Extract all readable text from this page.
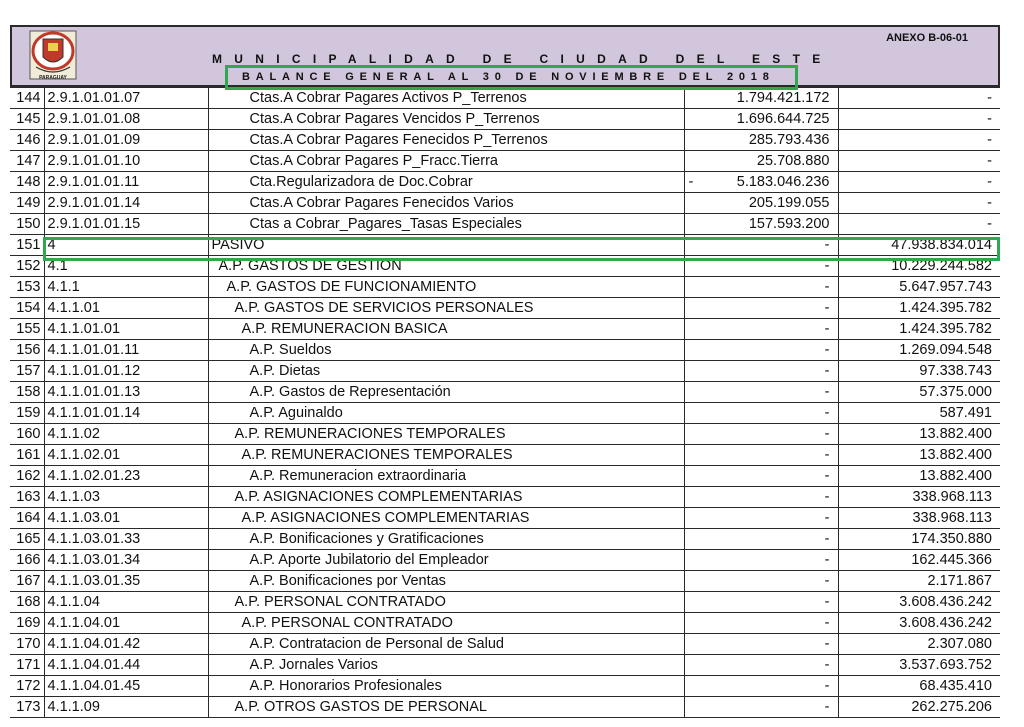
PARAGUAY
ANEXO B-06-01
MUNICIPALIDAD DE CIUDAD DEL ESTE
BALANCE GENERAL AL 30 DE NOVIEMBRE DEL 2018
144	2.9.1.01.01.07	Ctas.A Cobrar Pagares Activos P_Terrenos	1.794.421.172	-
145	2.9.1.01.01.08	Ctas.A Cobrar Pagares Vencidos P_Terrenos	1.696.644.725	-
146	2.9.1.01.01.09	Ctas.A Cobrar Pagares Fenecidos P_Terrenos	285.793.436	-
147	2.9.1.01.01.10	Ctas.A Cobrar Pagares P_Fracc.Tierra	25.708.880	-
148	2.9.1.01.01.11	Cta.Regularizadora de Doc.Cobrar	- 5.183.046.236	-
149	2.9.1.01.01.14	Ctas.A Cobrar Pagares Fenecidos Varios	205.199.055	-
150	2.9.1.01.01.15	Ctas a Cobrar_Pagares_Tasas Especiales	157.593.200	-
151	4	PASIVO	-	47.938.834.014
152	4.1	A.P. GASTOS DE GESTION	-	10.229.244.582
153	4.1.1	A.P. GASTOS DE FUNCIONAMIENTO	-	5.647.957.743
154	4.1.1.01	A.P. GASTOS DE SERVICIOS PERSONALES	-	1.424.395.782
155	4.1.1.01.01	A.P. REMUNERACION BASICA	-	1.424.395.782
156	4.1.1.01.01.11	A.P. Sueldos	-	1.269.094.548
157	4.1.1.01.01.12	A.P. Dietas	-	97.338.743
158	4.1.1.01.01.13	A.P. Gastos de Representación	-	57.375.000
159	4.1.1.01.01.14	A.P. Aguinaldo	-	587.491
160	4.1.1.02	A.P. REMUNERACIONES TEMPORALES	-	13.882.400
161	4.1.1.02.01	A.P. REMUNERACIONES TEMPORALES	-	13.882.400
162	4.1.1.02.01.23	A.P. Remuneracion extraordinaria	-	13.882.400
163	4.1.1.03	A.P. ASIGNACIONES COMPLEMENTARIAS	-	338.968.113
164	4.1.1.03.01	A.P. ASIGNACIONES COMPLEMENTARIAS	-	338.968.113
165	4.1.1.03.01.33	A.P. Bonificaciones y Gratificaciones	-	174.350.880
166	4.1.1.03.01.34	A.P. Aporte Jubilatorio del Empleador	-	162.445.366
167	4.1.1.03.01.35	A.P. Bonificaciones por Ventas	-	2.171.867
168	4.1.1.04	A.P. PERSONAL CONTRATADO	-	3.608.436.242
169	4.1.1.04.01	A.P. PERSONAL CONTRATADO	-	3.608.436.242
170	4.1.1.04.01.42	A.P. Contratacion de Personal de Salud	-	2.307.080
171	4.1.1.04.01.44	A.P. Jornales Varios	-	3.537.693.752
172	4.1.1.04.01.45	A.P. Honorarios Profesionales	-	68.435.410
173	4.1.1.09	A.P. OTROS GASTOS DE PERSONAL	-	262.275.206
